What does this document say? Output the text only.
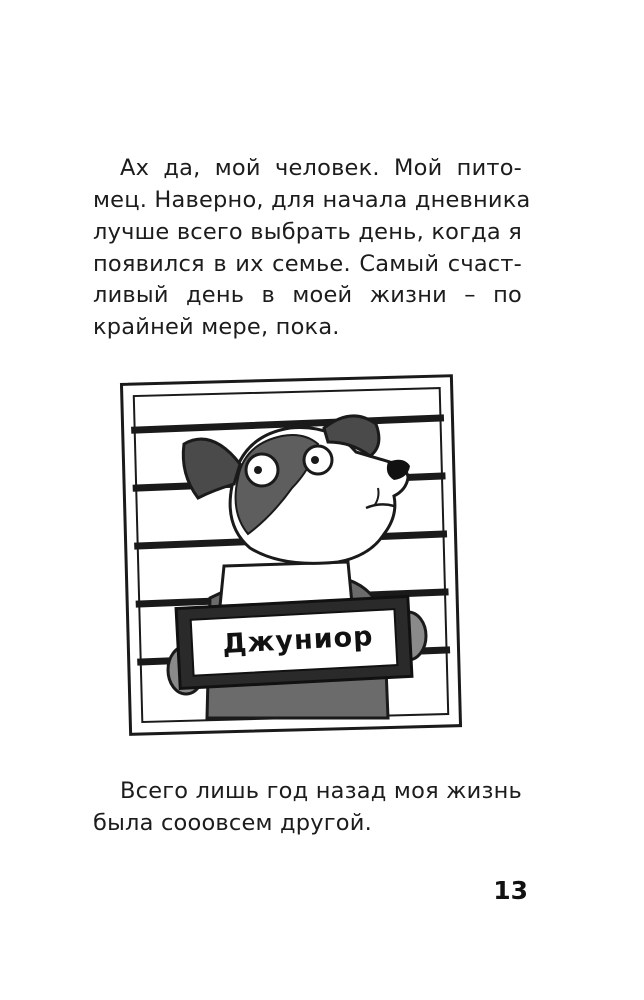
Ах да, мой человек. Мой пито-
мец. Наверно, для начала дневника
лучше всего выбрать день, когда я
появился в их семье. Самый счаст-
ливый день в моей жизни – по
крайней мере, пока.
Джуниор
Всего лишь год назад моя жизнь
была сооовсем другой.
13
